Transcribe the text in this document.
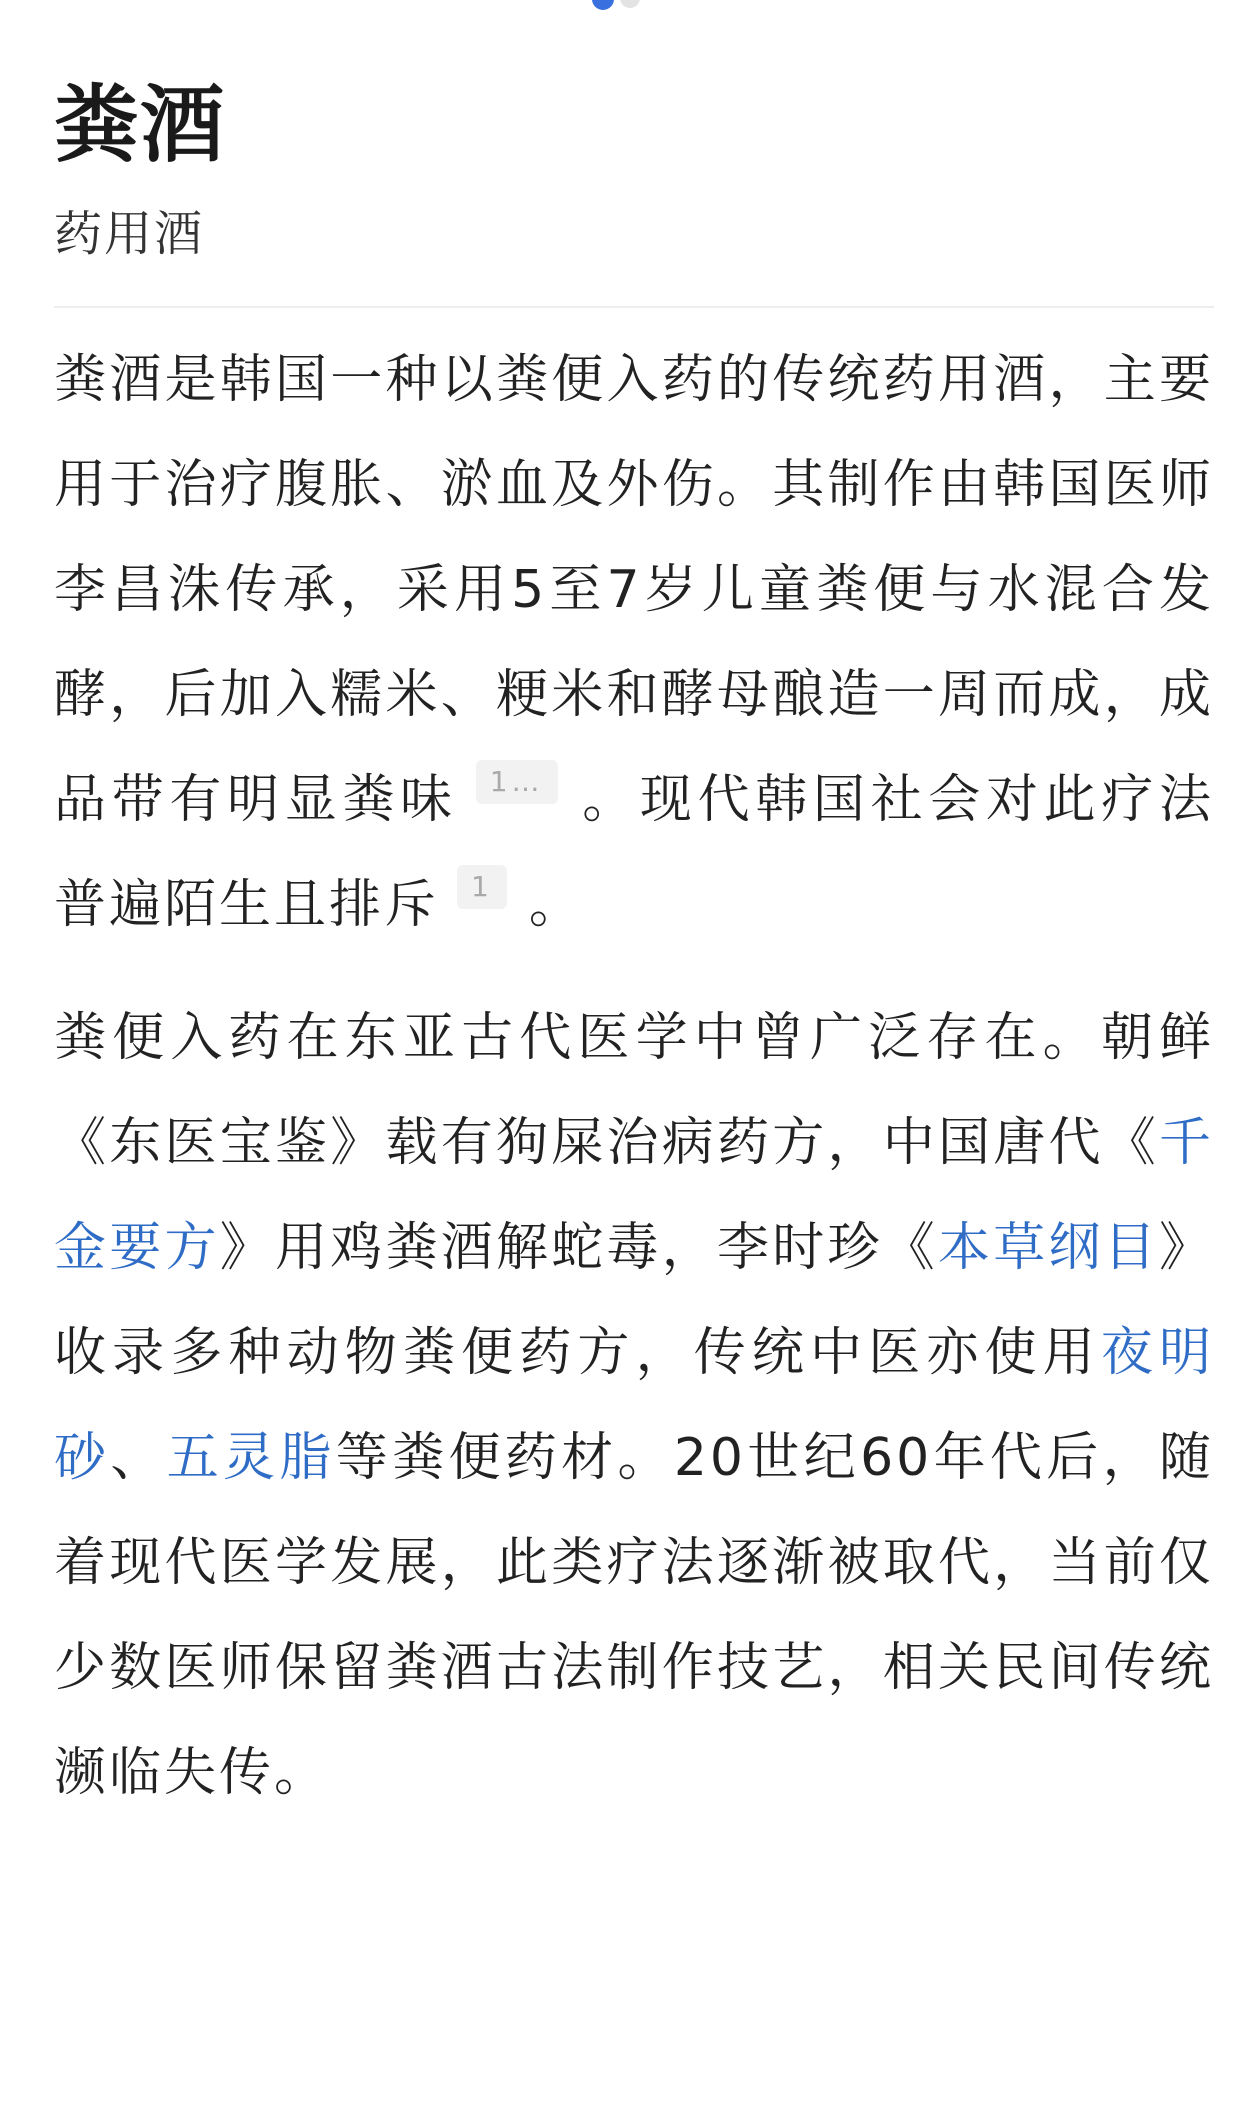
粪酒
药用酒

粪酒是韩国一种以粪便入药的传统药用酒，主要用于治疗腹胀、淤血及外伤。其制作由韩国医师李昌洙传承，采用5至7岁儿童粪便与水混合发酵，后加入糯米、粳米和酵母酿造一周而成，成品带有明显粪味 1… 。现代韩国社会对此疗法普遍陌生且排斥 1 。

粪便入药在东亚古代医学中曾广泛存在。朝鲜《东医宝鉴》载有狗屎治病药方，中国唐代《千金要方》用鸡粪酒解蛇毒，李时珍《本草纲目》收录多种动物粪便药方，传统中医亦使用夜明砂、五灵脂等粪便药材。20世纪60年代后，随着现代医学发展，此类疗法逐渐被取代，当前仅少数医师保留粪酒古法制作技艺，相关民间传统濒临失传。
